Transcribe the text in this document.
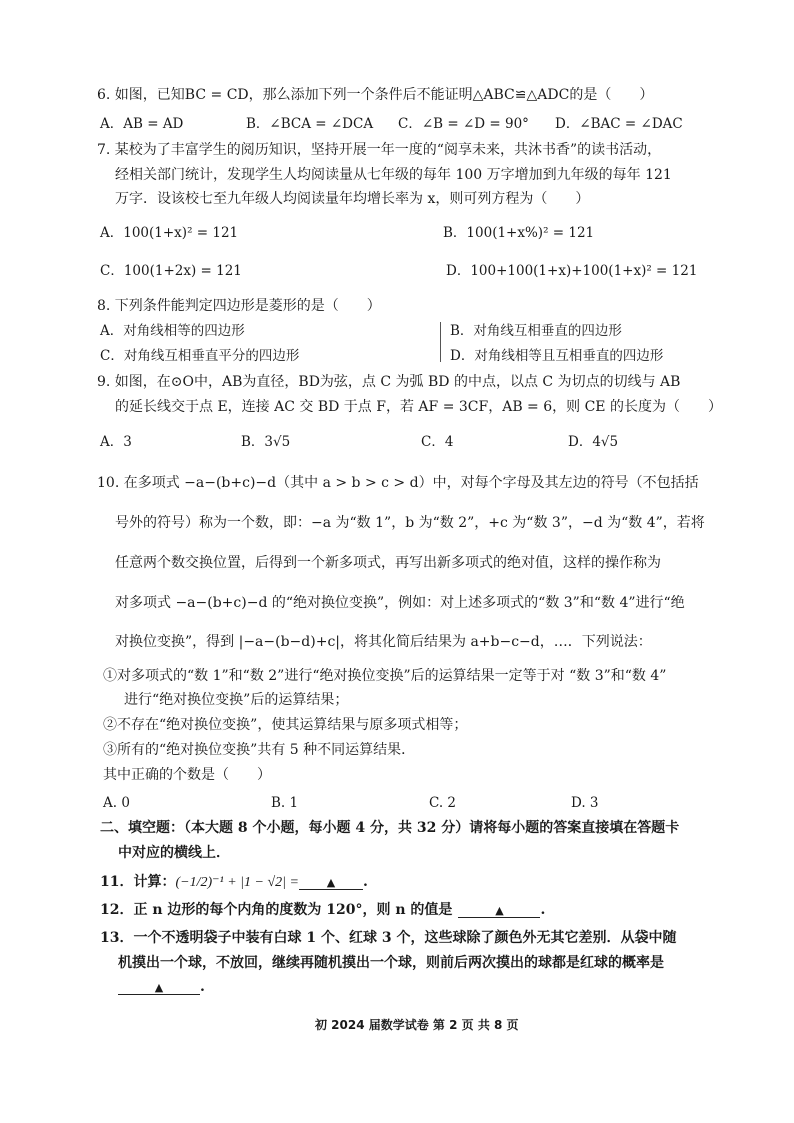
6. 如图，已知BC = CD，那么添加下列一个条件后不能证明△ABC≌△ADC的是（　　）
A．AB = AD	B．∠BCA = ∠DCA C．∠B = ∠D = 90° D．∠BAC = ∠DAC
7. 某校为了丰富学生的阅历知识，坚持开展一年一度的“阅享未来，共沐书香”的读书活动，
经相关部门统计，发现学生人均阅读量从七年级的每年 100 万字增加到九年级的每年 121
万字．设该校七至九年级人均阅读量年均增长率为 x，则可列方程为（　　）
A．100(1+x)² = 121	B．100(1+x%)² = 121
C．100(1+2x) = 121	D．100+100(1+x)+100(1+x)² = 121
8. 下列条件能判定四边形是菱形的是（　　）
A．对角线相等的四边形	B．对角线互相垂直的四边形
C．对角线互相垂直平分的四边形	D．对角线相等且互相垂直的四边形
9. 如图，在⊙O中，AB为直径，BD为弦，点 C 为弧 BD 的中点，以点 C 为切点的切线与 AB
的延长线交于点 E，连接 AC 交 BD 于点 F，若 AF = 3CF，AB = 6，则 CE 的长度为（　　）
A．3	B．3√5	C．4	D．4√5
10. 在多项式 −a−(b+c)−d（其中 a > b > c > d）中，对每个字母及其左边的符号（不包括括
号外的符号）称为一个数，即：−a 为“数 1”，b 为“数 2”，+c 为“数 3”，−d 为“数 4”，若将
任意两个数交换位置，后得到一个新多项式，再写出新多项式的绝对值，这样的操作称为
对多项式 −a−(b+c)−d 的“绝对换位变换”，例如：对上述多项式的“数 3”和“数 4”进行“绝
对换位变换”，得到 |−a−(b−d)+c|，将其化简后结果为 a+b−c−d，…．下列说法：
①对多项式的“数 1”和“数 2”进行“绝对换位变换”后的运算结果一定等于对 “数 3”和“数 4”
进行“绝对换位变换”后的运算结果；
②不存在“绝对换位变换”，使其运算结果与原多项式相等；
③所有的“绝对换位变换”共有 5 种不同运算结果．
其中正确的个数是（　　）
A. 0	B. 1	C. 2	D. 3
二、填空题：（本大题 8 个小题，每小题 4 分，共 32 分）请将每小题的答案直接填在答题卡
中对应的横线上．
11．计算：(−1/2)⁻¹ + |1 − √2| =	▲ .
12．正 n 边形的每个内角的度数为 120°，则 n 的值是	▲	.
13．一个不透明袋子中装有白球 1 个、红球 3 个，这些球除了颜色外无其它差别．从袋中随
机摸出一个球，不放回，继续再随机摸出一个球，则前后两次摸出的球都是红球的概率是
▲	.
初 2024 届数学试卷 第 2 页 共 8 页
